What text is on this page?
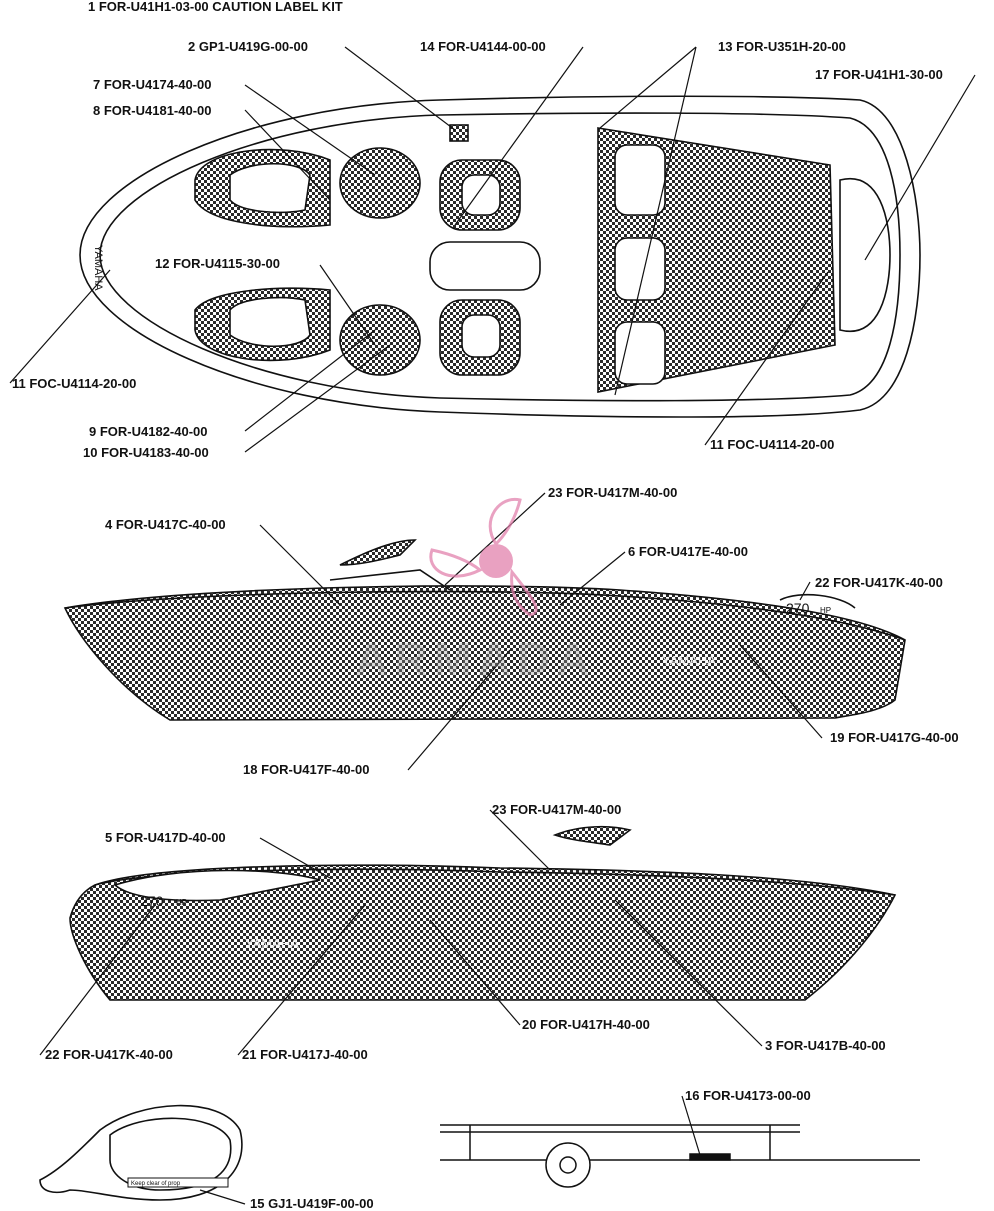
YAMAHA
270 HP
YAMAHA
270 HP
YAMAHA
Keep clear of prop
ARMADA
1 FOR-U41H1-03-00 CAUTION LABEL KIT
2 GP1-U419G-00-00	14 FOR-U4144-00-00	13 FOR-U351H-20-00
7 FOR-U4174-40-00
8 FOR-U4181-40-00
17 FOR-U41H1-30-00
12 FOR-U4115-30-00
11 FOC-U4114-20-00
9 FOR-U4182-40-00
10 FOR-U4183-40-00
11 FOC-U4114-20-00
23 FOR-U417M-40-00
4 FOR-U417C-40-00
6 FOR-U417E-40-00
22 FOR-U417K-40-00
19 FOR-U417G-40-00
18 FOR-U417F-40-00
23 FOR-U417M-40-00
5 FOR-U417D-40-00
20 FOR-U417H-40-00
3 FOR-U417B-40-00
22 FOR-U417K-40-00	21 FOR-U417J-40-00
16 FOR-U4173-00-00
15 GJ1-U419F-00-00
